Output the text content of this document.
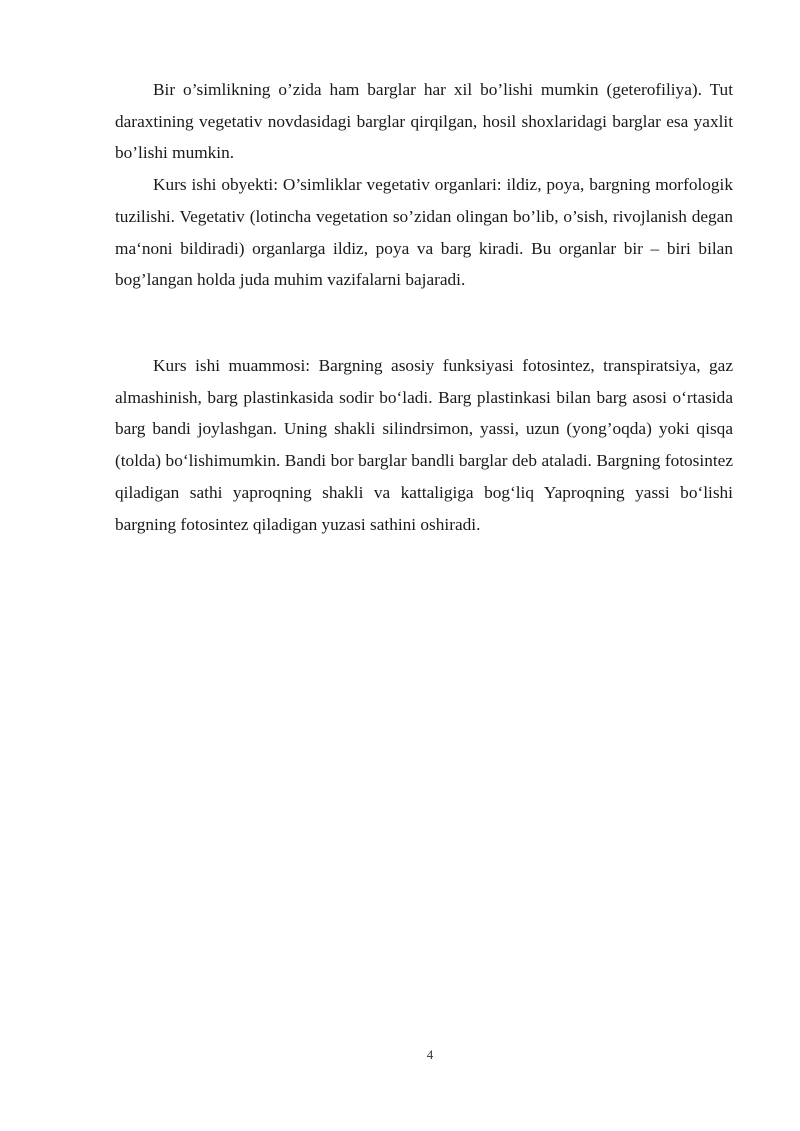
Bir o’simlikning o’zida ham barglar har xil bo’lishi mumkin (geterofiliya). Tut daraxtining vegetativ novdasidagi barglar qirqilgan, hosil shoxlaridagi barglar esa yaxlit bo’lishi mumkin.

Kurs ishi obyekti: O’simliklar vegetativ organlari: ildiz, poya, bargning morfologik tuzilishi. Vegetativ (lotincha vegetation so’zidan olingan bo’lib, o’sish, rivojlanish degan ma‘noni bildiradi) organlarga ildiz, poya va barg kiradi. Bu organlar bir – biri bilan bog’langan holda juda muhim vazifalarni bajaradi.

Kurs ishi muammosi: Bargning asosiy funksiyasi fotosintez, transpiratsiya, gaz almashinish, barg plastinkasida sodir bo‘ladi. Barg plastinkasi bilan barg asosi o‘rtasida barg bandi joylashgan. Uning shakli silindrsimon, yassi, uzun (yong’oqda) yoki qisqa (tolda) bo‘lishimumkin. Bandi bor barglar bandli barglar deb ataladi. Bargning fotosintez qiladigan sathi yaproqning shakli va kattaligiga bog‘liq Yaproqning yassi bo‘lishi bargning fotosintez qiladigan yuzasi sathini oshiradi.

4
